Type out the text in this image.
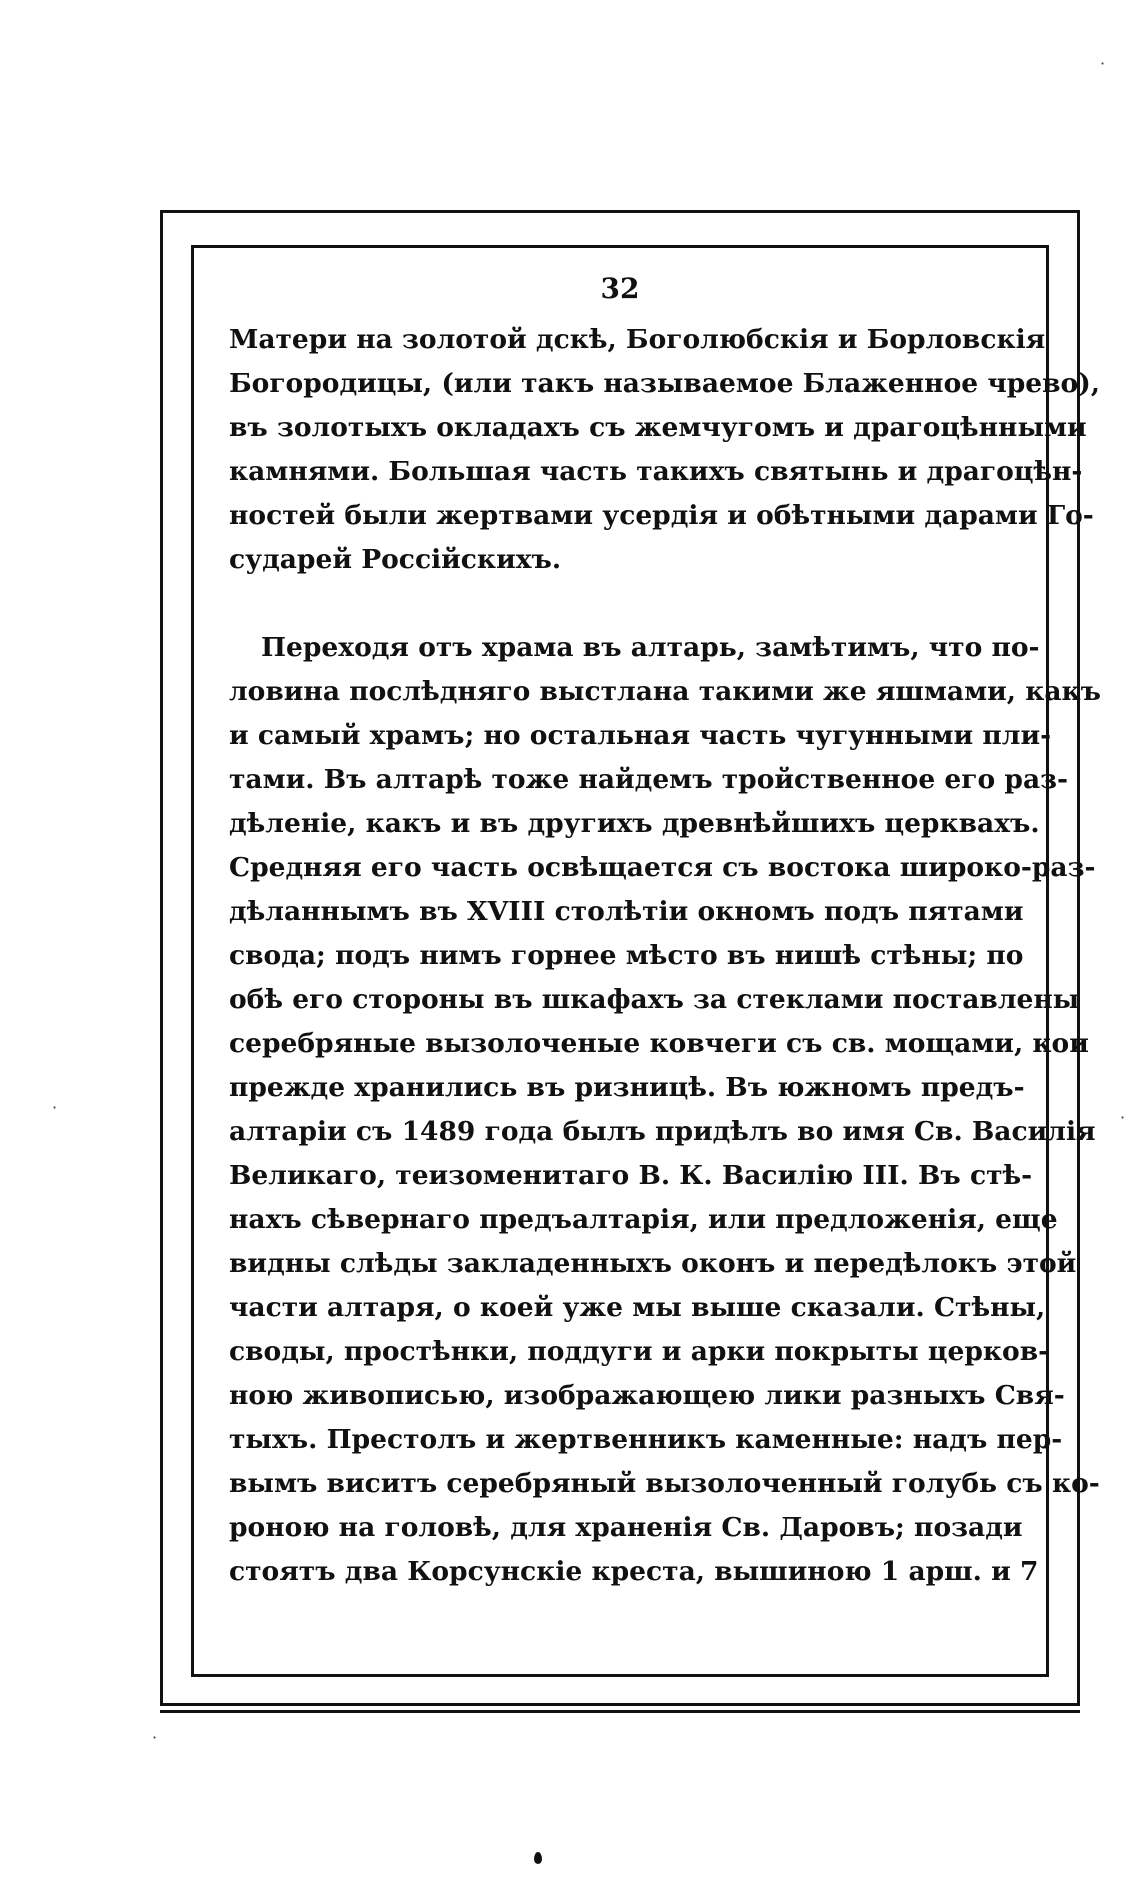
32
Матери на золотой дскѣ, Боголюбскія и Борловскія
Богородицы, (или такъ называемое Блаженное чрево),
въ золотыхъ окладахъ съ жемчугомъ и драгоцѣнными
камнями. Большая часть такихъ святынь и драгоцѣн-
ностей были жертвами усердія и обѣтными дарами Го-
сударей Россійскихъ.
Переходя отъ храма въ алтарь, замѣтимъ, что по-
ловина послѣдняго выстлана такими же яшмами, какъ
и самый храмъ; но остальная часть чугунными пли-
тами. Въ алтарѣ тоже найдемъ тройственное его раз-
дѣленіе, какъ и въ другихъ древнѣйшихъ церквахъ.
Средняя его часть освѣщается съ востока широко-раз-
дѣланнымъ въ XVIII столѣтіи окномъ подъ пятами
свода; подъ нимъ горнее мѣсто въ нишѣ стѣны; по
обѣ его стороны въ шкафахъ за стеклами поставлены
серебряные вызолоченые ковчеги съ св. мощами, кои
прежде хранились въ ризницѣ. Въ южномъ предъ-
алтаріи съ 1489 года былъ придѣлъ во имя Св. Василія
Великаго, теизоменитаго В. К. Василію III. Въ стѣ-
нахъ сѣвернаго предъалтарія, или предложенія, еще
видны слѣды закладенныхъ оконъ и передѣлокъ этой
части алтаря, о коей уже мы выше сказали. Стѣны,
своды, простѣнки, поддуги и арки покрыты церков-
ною живописью, изображающею лики разныхъ Свя-
тыхъ. Престолъ и жертвенникъ каменные: надъ пер-
вымъ виситъ серебряный вызолоченный голубь съ ко-
роною на головѣ, для храненія Св. Даровъ; позади
стоятъ два Корсунскіе креста, вышиною 1 арш. и 7
·
·
·
·
